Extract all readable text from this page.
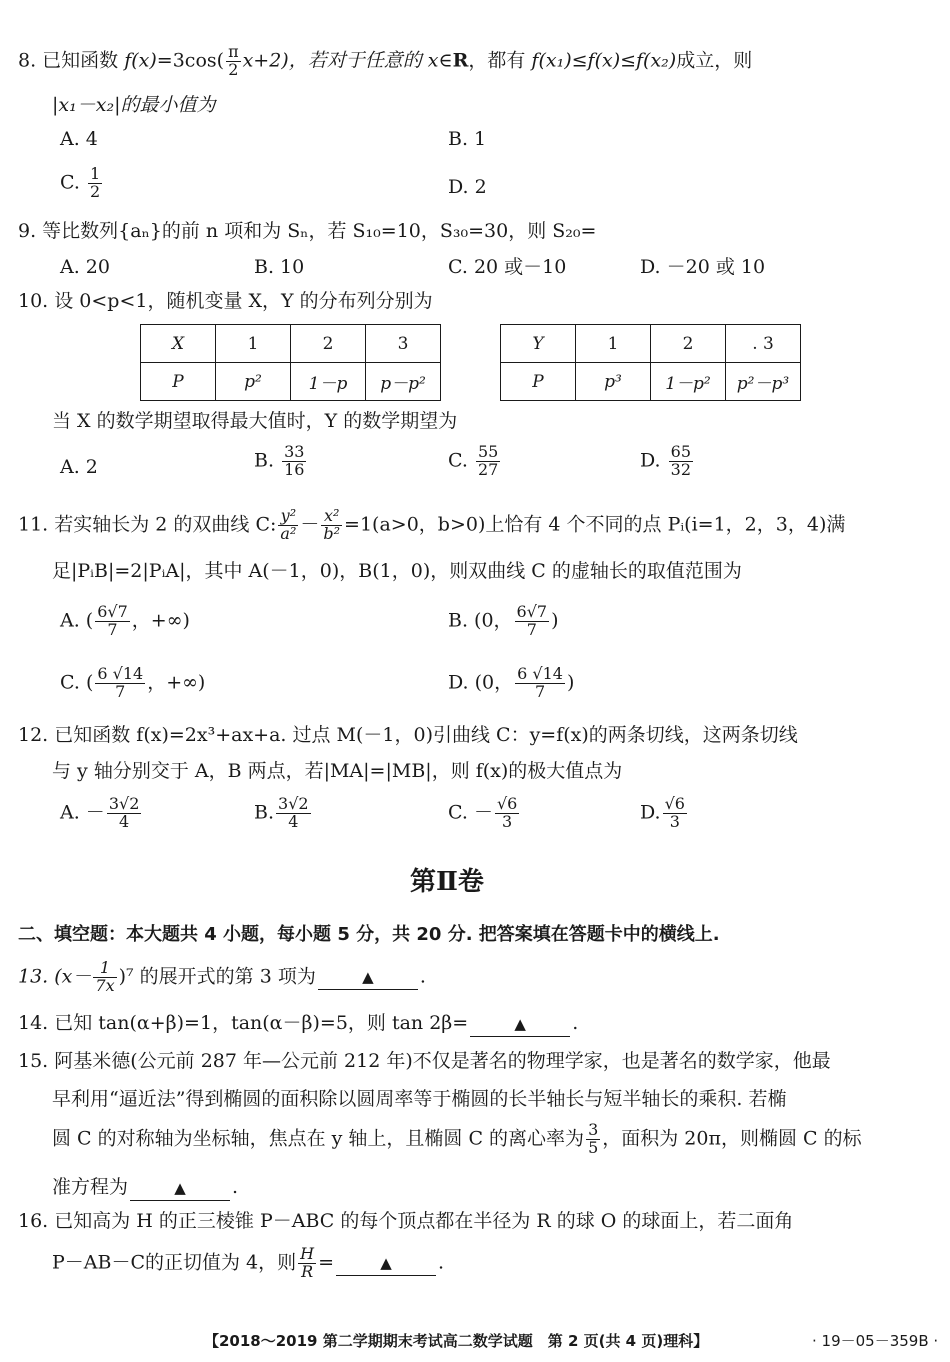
8. 已知函数 $f(x)=3\cos( \frac{\pi}{2} x+2)$，若对于任意的 x∈R，都有 f(x₁)≤f(x)≤f(x₂)成立，则
|x₁－x₂|的最小值为
A. 4	B. 1
C. $\frac{1}{2}$	D. 2
9. 等比数列{aₙ}的前 n 项和为 Sₙ，若 S₁₀=10，S₃₀=30，则 S₂₀=
A. 20	B. 10	C. 20 或－10	D. －20 或 10
10. 设 0<p<1，随机变量 X，Y 的分布列分别为
X	1	2	3
P	p²	1－p	p－p²
Y	1	2	. 3
P	p³	1－p²	p²－p³
当 X 的数学期望取得最大值时，Y 的数学期望为
A. 2	B. $\frac{33}{16}$	C. $\frac{55}{27}$	D. $\frac{65}{32}$
11. 若实轴长为 2 的双曲线 C: $\frac{\text{y²}}{\text{a²}} - \frac{\text{x²}}{\text{b²}} =1(a>0$，b>0)上恰有 4 个不同的点 Pᵢ(i=1，2，3，4)满
足|PᵢB|=2|PᵢA|，其中 A(－1，0)，B(1，0)，则双曲线 C 的虚轴长的取值范围为
A. ( $\frac{6√7}{7}$ ，+∞)	B. (0， $\frac{6√7}{7}$ )
C. ( $\frac{6 √14}{7}$ ，+∞)	D. (0， $\frac{6 √14}{7}$ )
12. 已知函数 f(x)=2x³+ax+a. 过点 M(－1，0)引曲线 C：y=f(x)的两条切线，这两条切线
与 y 轴分别交于 A，B 两点，若|MA|=|MB|，则 f(x)的极大值点为
A. － $\frac{3√2}{4}$	B. $\frac{3√2}{4}$	C. － $\frac{√6}{3}$	D. $\frac{√6}{3}$
第Ⅱ卷
二、填空题：本大题共 4 小题，每小题 5 分，共 20 分. 把答案填在答题卡中的横线上.
13. $(x- \frac{1}{7x} )^7$ 的展开式的第 3 项为	▲ .
14. 已知 tan(α+β)=1，tan(α－β)=5，则 tan 2β=	▲ .
15. 阿基米德(公元前 287 年—公元前 212 年)不仅是著名的物理学家，也是著名的数学家，他最
早利用“逼近法”得到椭圆的面积除以圆周率等于椭圆的长半轴长与短半轴长的乘积. 若椭
圆 C 的对称轴为坐标轴，焦点在 y 轴上，且椭圆 C 的离心率为 $\frac{3}{5}$ ，面积为 20π，则椭圆 C 的标
准方程为	▲ .
16. 已知高为 H 的正三棱锥 P－ABC 的每个顶点都在半径为 R 的球 O 的球面上，若二面角
P－AB－C的正切值为 4，则 $\frac{H}{R}$ =	▲ .
【2018～2019 第二学期期末考试高二数学试题　第 2 页(共 4 页)理科】	· 19－05－359B ·
